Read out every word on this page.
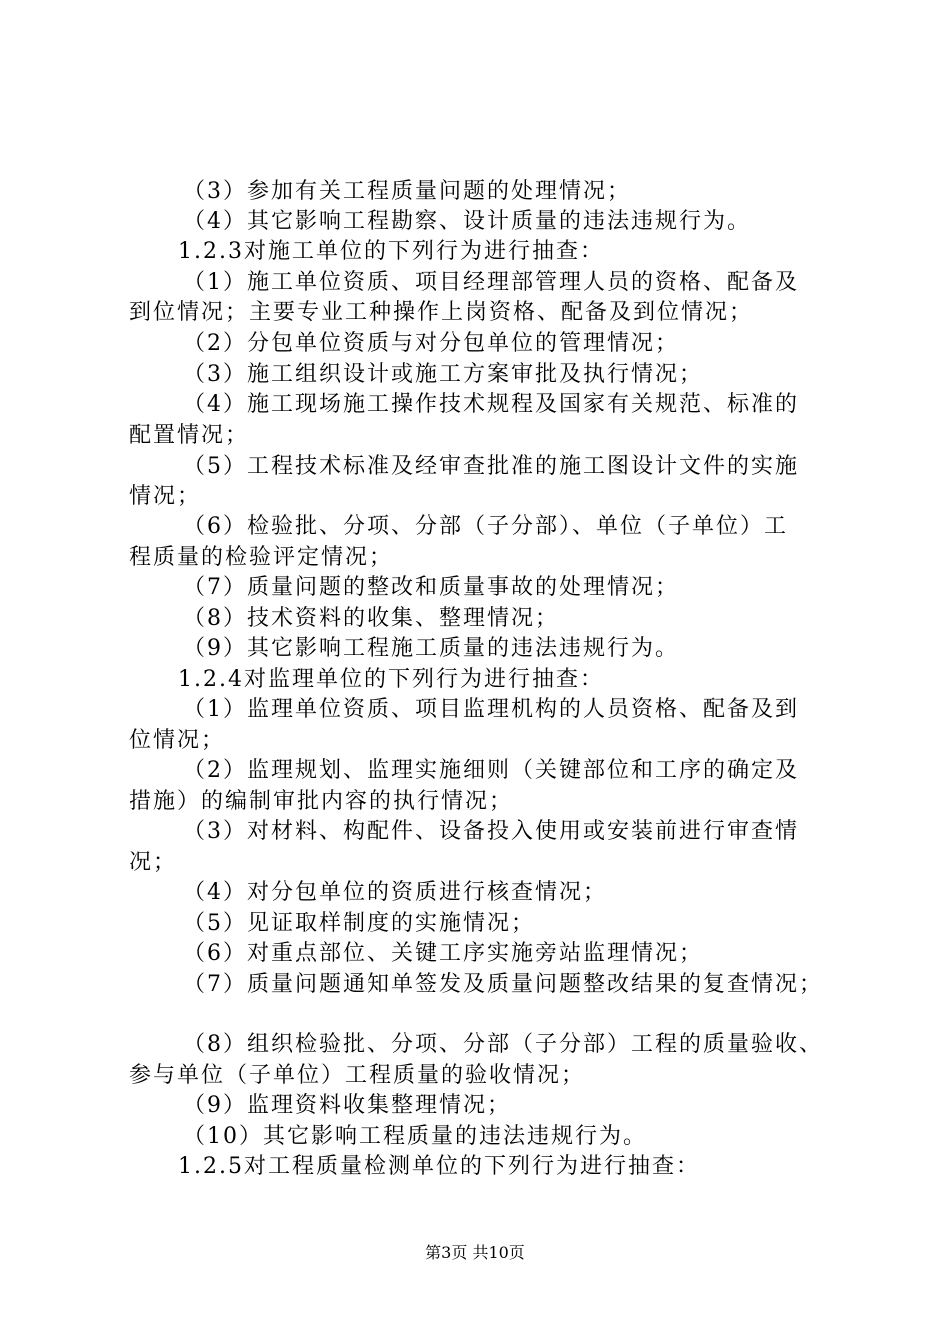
（3）参加有关工程质量问题的处理情况；
（4）其它影响工程勘察、设计质量的违法违规行为。
1.2.3对施工单位的下列行为进行抽查：
（1）施工单位资质、项目经理部管理人员的资格、配备及
到位情况；主要专业工种操作上岗资格、配备及到位情况；
（2）分包单位资质与对分包单位的管理情况；
（3）施工组织设计或施工方案审批及执行情况；
（4）施工现场施工操作技术规程及国家有关规范、标准的
配置情况；
（5）工程技术标准及经审查批准的施工图设计文件的实施
情况；
（6）检验批、分项、分部（子分部）、单位（子单位）工
程质量的检验评定情况；
（7）质量问题的整改和质量事故的处理情况；
（8）技术资料的收集、整理情况；
（9）其它影响工程施工质量的违法违规行为。
1.2.4对监理单位的下列行为进行抽查：
（1）监理单位资质、项目监理机构的人员资格、配备及到
位情况；
（2）监理规划、监理实施细则（关键部位和工序的确定及
措施）的编制审批内容的执行情况；
（3）对材料、构配件、设备投入使用或安装前进行审查情
况；
（4）对分包单位的资质进行核查情况；
（5）见证取样制度的实施情况；
（6）对重点部位、关键工序实施旁站监理情况；
（7）质量问题通知单签发及质量问题整改结果的复查情况；
（8）组织检验批、分项、分部（子分部）工程的质量验收、
参与单位（子单位）工程质量的验收情况；
（9）监理资料收集整理情况；
（10）其它影响工程质量的违法违规行为。
1.2.5对工程质量检测单位的下列行为进行抽查：
第3页 共10页
